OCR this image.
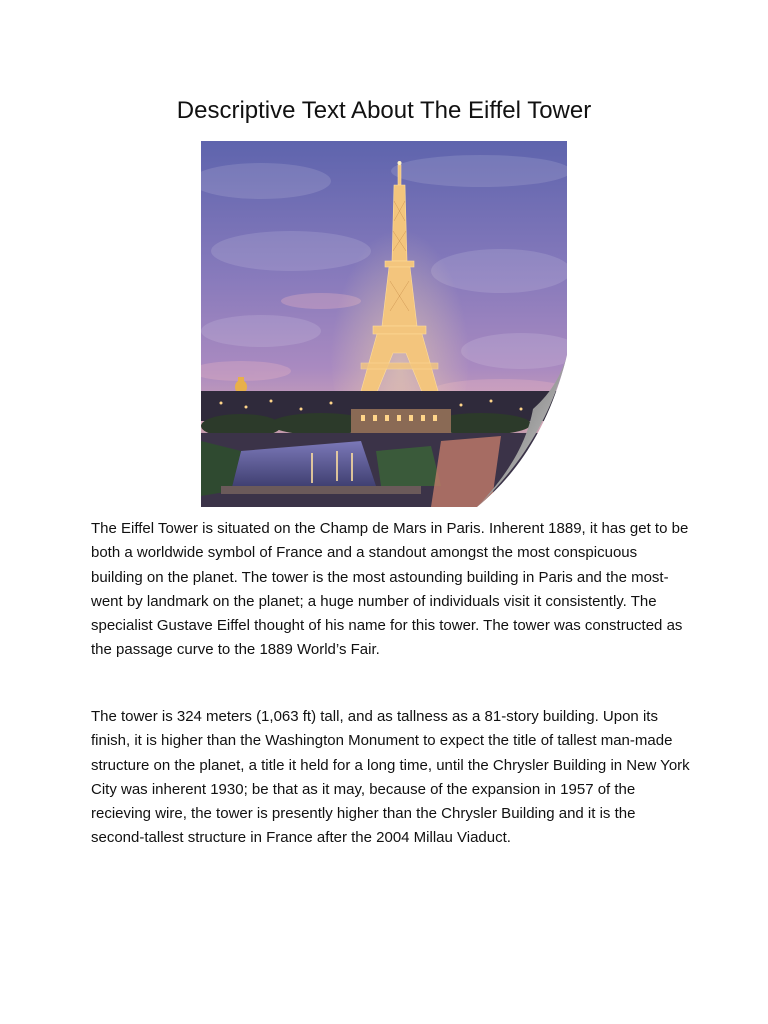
Descriptive Text About The Eiffel Tower

The Eiffel Tower is situated on the Champ de Mars in Paris. Inherent 1889, it has get to be both a worldwide symbol of France and a standout amongst the most conspicuous building on the planet. The tower is the most astounding building in Paris and the most-went by landmark on the planet; a huge number of individuals visit it consistently. The specialist Gustave Eiffel thought of his name for this tower. The tower was constructed as the passage curve to the 1889 World’s Fair.

The tower is 324 meters (1,063 ft) tall, and as tallness as a 81-story building. Upon its finish, it is higher than the Washington Monument to expect the title of tallest man-made structure on the planet, a title it held for a long time, until the Chrysler Building in New York City was inherent 1930; be that as it may, because of the expansion in 1957 of the recieving wire, the tower is presently higher than the Chrysler Building and it is the second-tallest structure in France after the 2004 Millau Viaduct.
